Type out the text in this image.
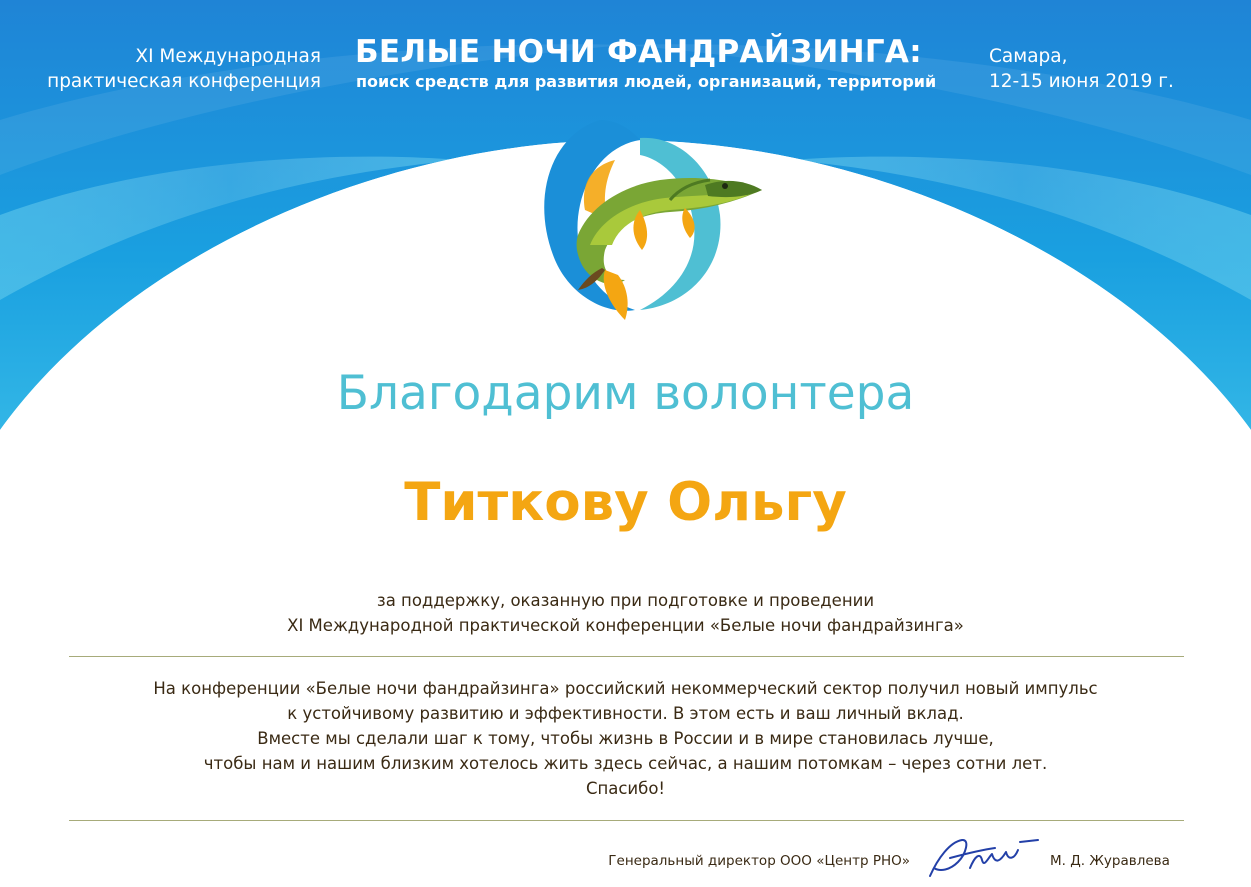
XI Международная
практическая конференция
БЕЛЫЕ НОЧИ ФАНДРАЙЗИНГА:
поиск средств для развития людей, организаций, территорий
Самара,
12-15 июня 2019 г.
Благодарим волонтера
Титкову Ольгу
за поддержку, оказанную при подготовке и проведении
XI Международной практической конференции «Белые ночи фандрайзинга»
На конференции «Белые ночи фандрайзинга» российский некоммерческий сектор получил новый импульс
к устойчивому развитию и эффективности. В этом есть и ваш личный вклад.
Вместе мы сделали шаг к тому, чтобы жизнь в России и в мире становилась лучше,
чтобы нам и нашим близким хотелось жить здесь сейчас, а нашим потомкам – через сотни лет.
Спасибо!
Генеральный директор ООО «Центр РНО»	М. Д. Журавлева
